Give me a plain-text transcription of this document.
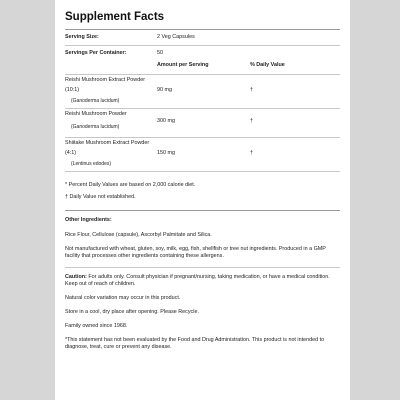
Supplement Facts
Serving Size:	2 Veg Capsules
Servings Per Container:	50
Amount per Serving	% Daily Value
Reishi Mushroom Extract Powder
(10:1)	90 mg	†
(Ganoderma lucidum)
Reishi Mushroom Powder
300 mg	†
(Ganoderma lucidum)
Shiitake Mushroom Extract Powder
(4:1)	150 mg	†
(Lentinus edodes)
* Percent Daily Values are based on 2,000 calorie diet.
† Daily Value not established.
Other Ingredients:

Rice Flour, Cellulose (capsule), Ascorbyl Palmitate and Silica.

Not manufactured with wheat, gluten, soy, milk, egg, fish, shellfish or tree nut ingredients. Produced in a GMP facility that processes other ingredients containing these allergens.

Caution: For adults only. Consult physician if pregnant/nursing, taking medication, or have a medical condition. Keep out of reach of children.

Natural color variation may occur in this product.

Store in a cool, dry place after opening. Please Recycle.

Family owned since 1968.

*This statement has not been evaluated by the Food and Drug Administration. This product is not intended to diagnose, treat, cure or prevent any disease.
